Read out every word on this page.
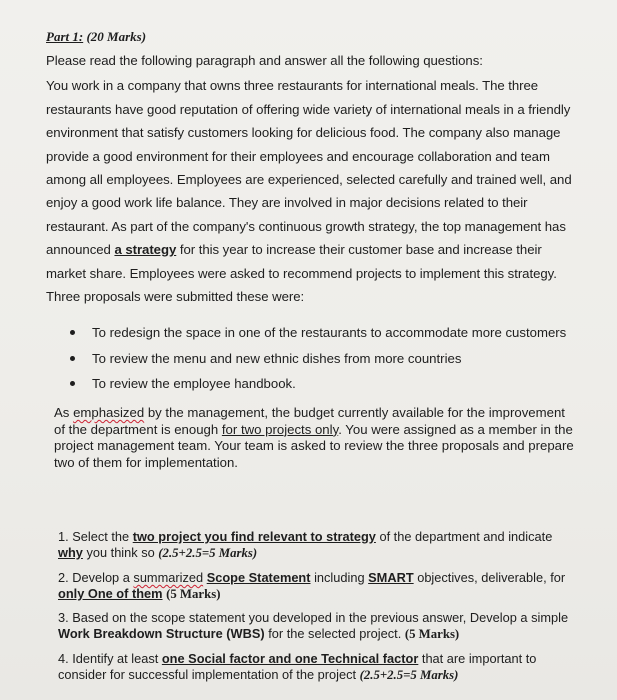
Part 1: (20 Marks)

Please read the following paragraph and answer all the following questions:

You work in a company that owns three restaurants for international meals. The three restaurants have good reputation of offering wide variety of international meals in a friendly environment that satisfy customers looking for delicious food. The company also manage provide a good environment for their employees and encourage collaboration and team among all employees. Employees are experienced, selected carefully and trained well, and enjoy a good work life balance. They are involved in major decisions related to their restaurant. As part of the company's continuous growth strategy, the top management has announced a strategy for this year to increase their customer base and increase their market share. Employees were asked to recommend projects to implement this strategy. Three proposals were submitted these were:

To redesign the space in one of the restaurants to accommodate more customers
To review the menu and new ethnic dishes from more countries
To review the employee handbook.
As emphasized by the management, the budget currently available for the improvement of the department is enough for two projects only. You were assigned as a member in the project management team. Your team is asked to review the three proposals and prepare two of them for implementation.
1. Select the two project you find relevant to strategy of the department and indicate why you think so (2.5+2.5=5 Marks)
2. Develop a summarized Scope Statement including SMART objectives, deliverable, for only One of them (5 Marks)
3. Based on the scope statement you developed in the previous answer, Develop a simple Work Breakdown Structure (WBS) for the selected project. (5 Marks)
4. Identify at least one Social factor and one Technical factor that are important to consider for successful implementation of the project (2.5+2.5=5 Marks)
